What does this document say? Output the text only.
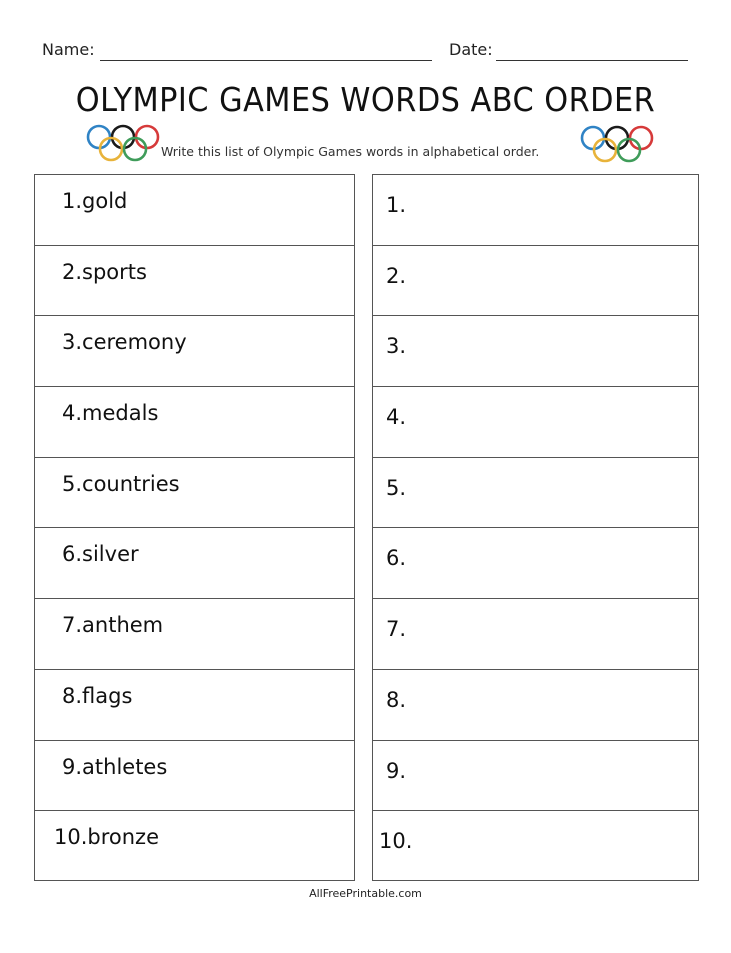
Name:	Date:
OLYMPIC GAMES WORDS ABC ORDER
Write this list of Olympic Games words in alphabetical order.
1.gold
2.sports
3.ceremony
4.medals
5.countries
6.silver
7.anthem
8.flags
9.athletes
10.bronze
1.
2.
3.
4.
5.
6.
7.
8.
9.
10.
AllFreePrintable.com
